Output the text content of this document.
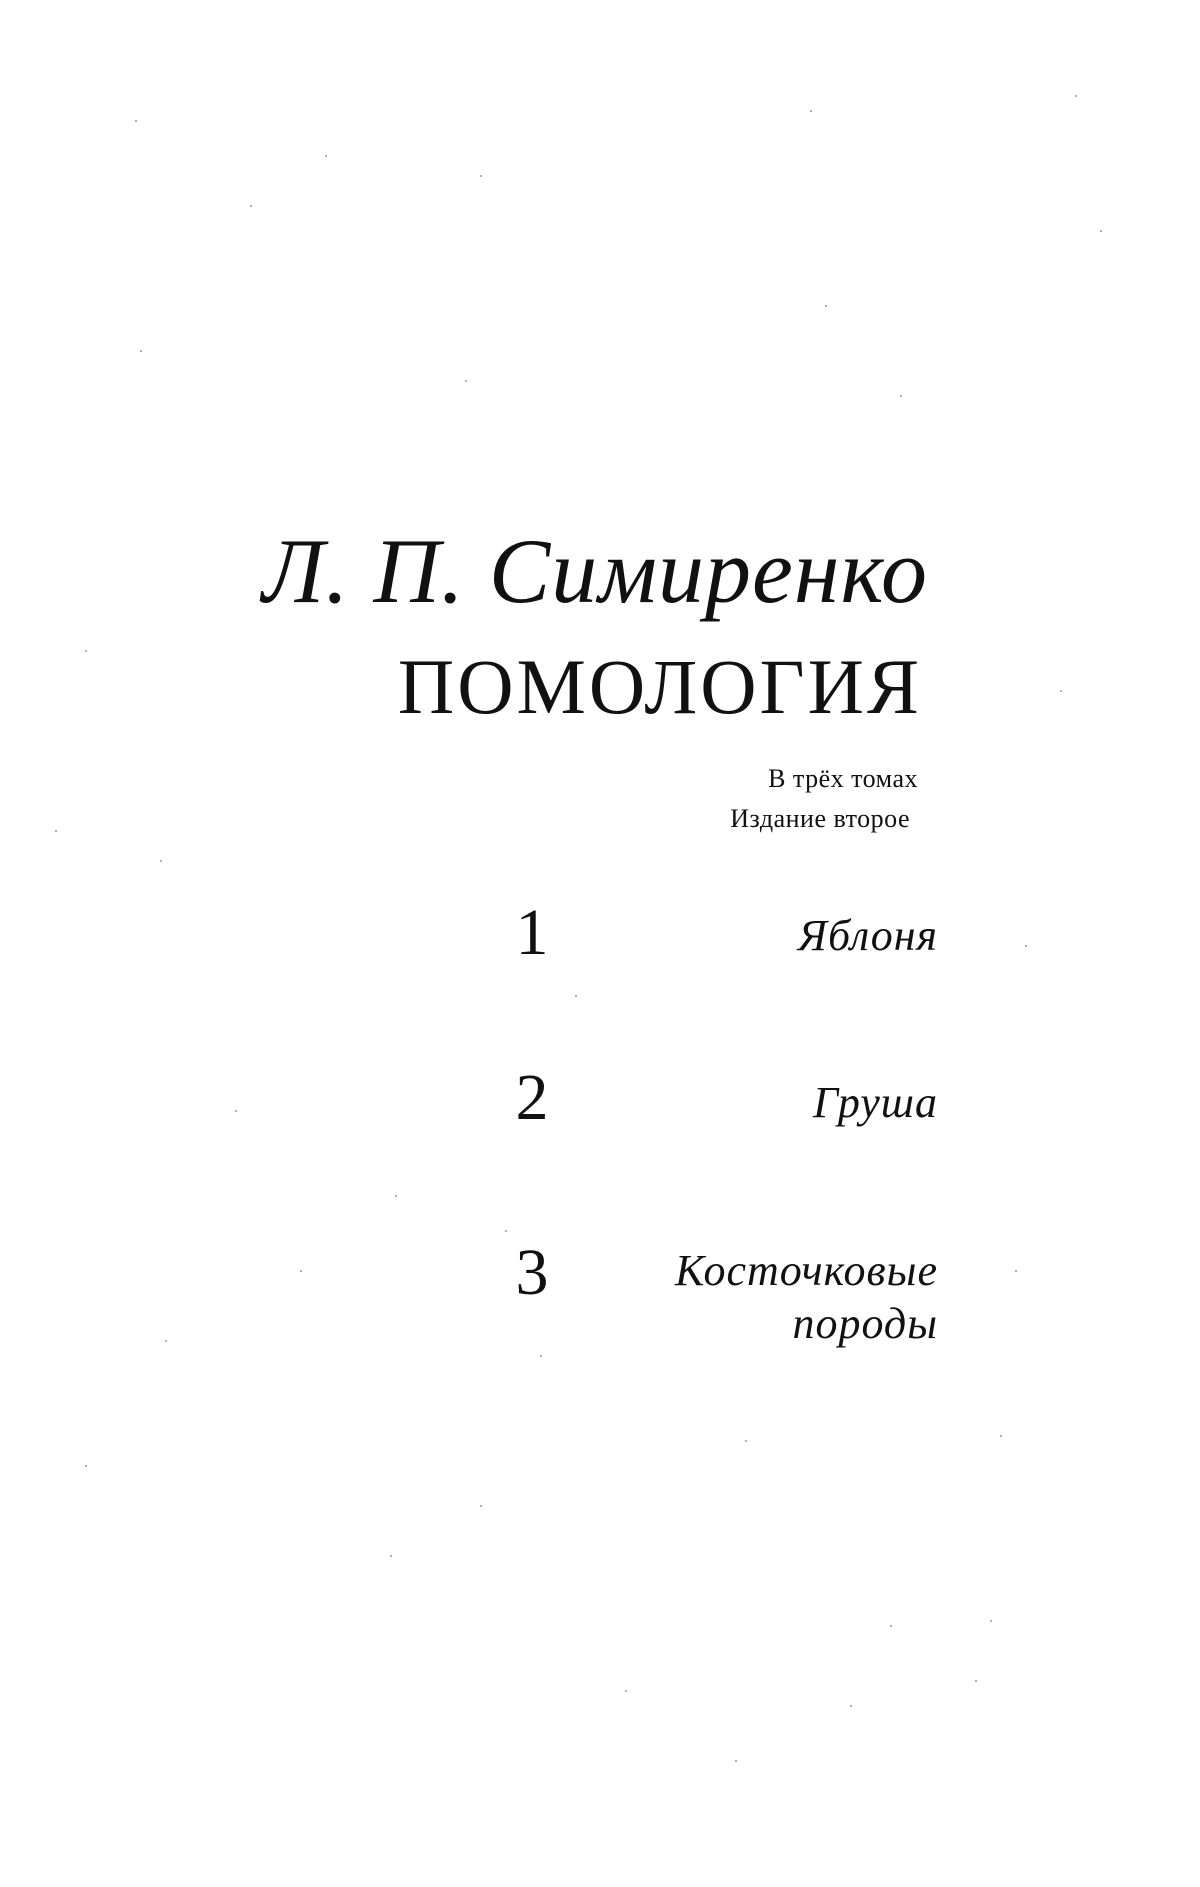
Л. П. Симиренко
ПОМОЛОГИЯ
В трёх томах
Издание второе
1	Яблоня
2	Груша
3	Косточковые
породы
